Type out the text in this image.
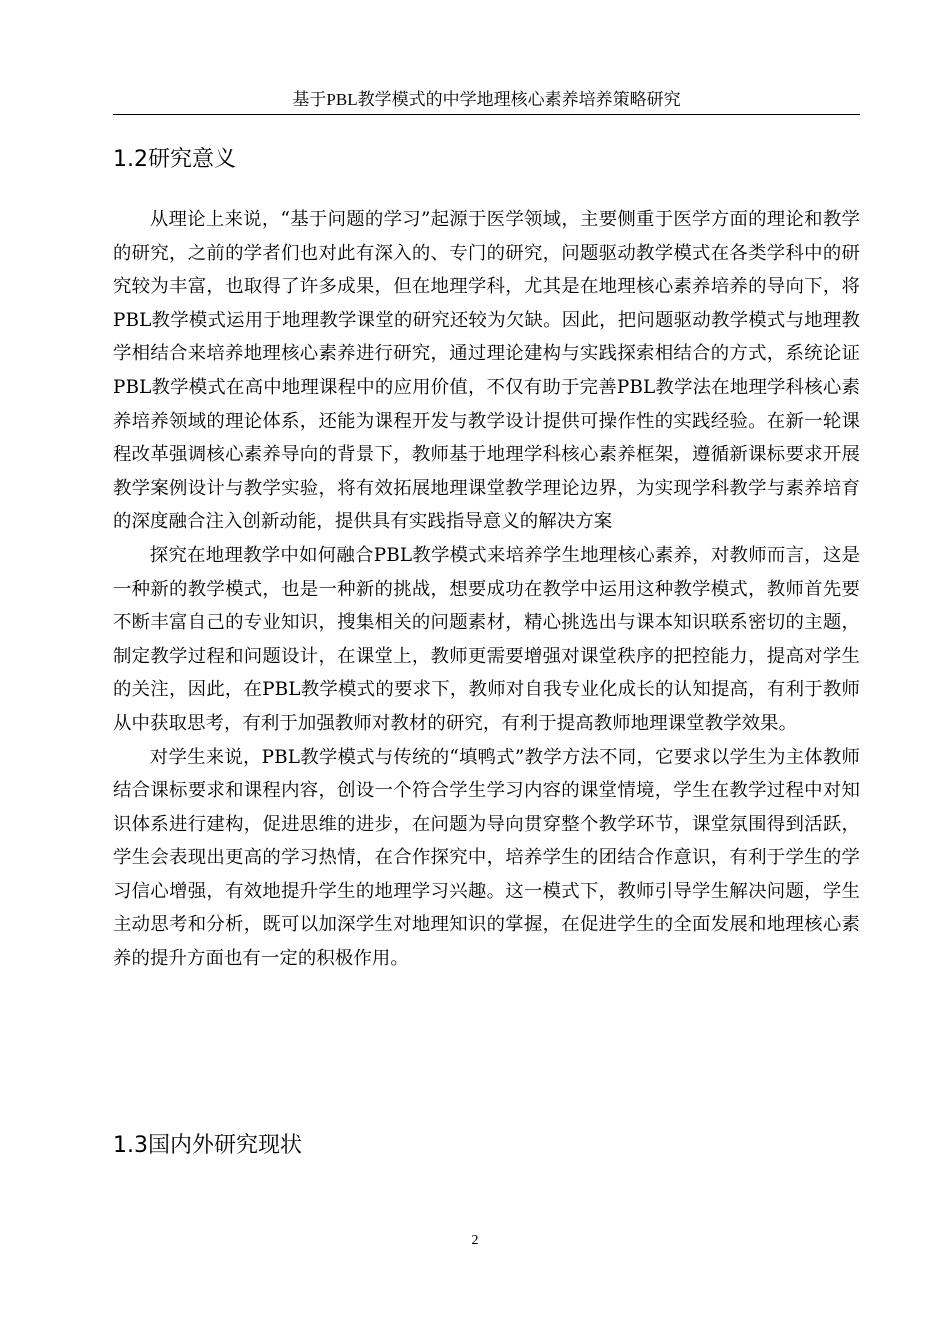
基于PBL教学模式的中学地理核心素养培养策略研究
1.2研究意义

从理论上来说，“基于问题的学习”起源于医学领域，主要侧重于医学方面的理论和教学的研究，之前的学者们也对此有深入的、专门的研究，问题驱动教学模式在各类学科中的研究较为丰富，也取得了许多成果，但在地理学科，尤其是在地理核心素养培养的导向下，将PBL教学模式运用于地理教学课堂的研究还较为欠缺。因此，把问题驱动教学模式与地理教学相结合来培养地理核心素养进行研究，通过理论建构与实践探索相结合的方式，系统论证PBL教学模式在高中地理课程中的应用价值，不仅有助于完善PBL教学法在地理学科核心素养培养领域的理论体系，还能为课程开发与教学设计提供可操作性的实践经验。在新一轮课程改革强调核心素养导向的背景下，教师基于地理学科核心素养框架，遵循新课标要求开展教学案例设计与教学实验，将有效拓展地理课堂教学理论边界，为实现学科教学与素养培育的深度融合注入创新动能，提供具有实践指导意义的解决方案

探究在地理教学中如何融合PBL教学模式来培养学生地理核心素养，对教师而言，这是一种新的教学模式，也是一种新的挑战，想要成功在教学中运用这种教学模式，教师首先要不断丰富自己的专业知识，搜集相关的问题素材，精心挑选出与课本知识联系密切的主题，制定教学过程和问题设计，在课堂上，教师更需要增强对课堂秩序的把控能力，提高对学生的关注，因此，在PBL教学模式的要求下，教师对自我专业化成长的认知提高，有利于教师从中获取思考，有利于加强教师对教材的研究，有利于提高教师地理课堂教学效果。

对学生来说，PBL教学模式与传统的“填鸭式”教学方法不同，它要求以学生为主体教师结合课标要求和课程内容，创设一个符合学生学习内容的课堂情境，学生在教学过程中对知识体系进行建构，促进思维的进步，在问题为导向贯穿整个教学环节，课堂氛围得到活跃，学生会表现出更高的学习热情，在合作探究中，培养学生的团结合作意识，有利于学生的学习信心增强，有效地提升学生的地理学习兴趣。这一模式下，教师引导学生解决问题，学生主动思考和分析，既可以加深学生对地理知识的掌握，在促进学生的全面发展和地理核心素养的提升方面也有一定的积极作用。

1.3国内外研究现状
2
